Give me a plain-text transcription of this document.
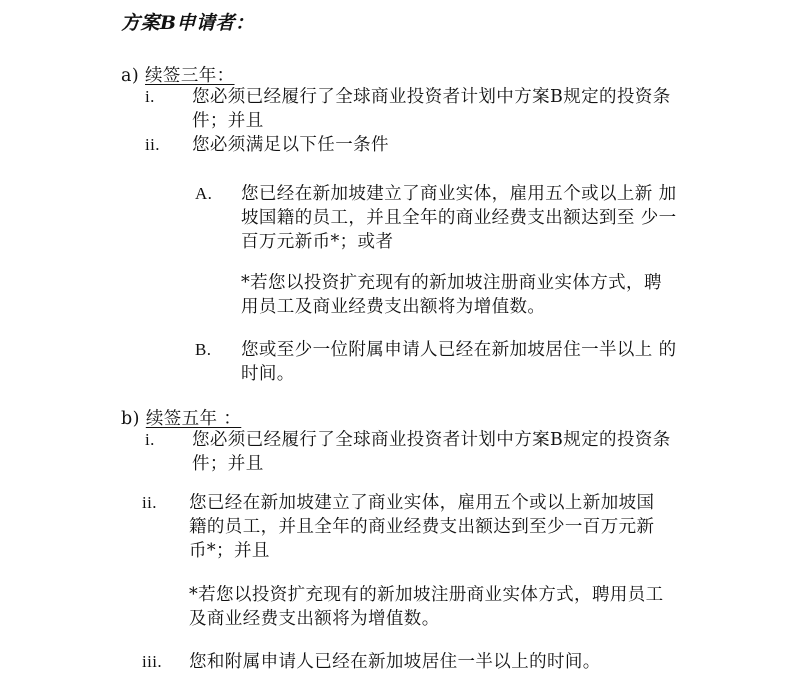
方案B申请者：
a) 续签三年：
i. 您必须已经履行了全球商业投资者计划中方案B规定的投资条
件；并且
ii. 您必须满足以下任一条件
A. 您已经在新加坡建立了商业实体，雇用五个或以上新 加
坡国籍的员工，并且全年的商业经费支出额达到至 少一
百万元新币*；或者
*若您以投资扩充现有的新加坡注册商业实体方式，聘
用员工及商业经费支出额将为增值数。
B. 您或至少一位附属申请人已经在新加坡居住一半以上 的
时间。
b) 续签五年 ：
i. 您必须已经履行了全球商业投资者计划中方案B规定的投资条
件；并且
ii. 您已经在新加坡建立了商业实体，雇用五个或以上新加坡国
籍的员工，并且全年的商业经费支出额达到至少一百万元新
币*；并且
*若您以投资扩充现有的新加坡注册商业实体方式，聘用员工
及商业经费支出额将为增值数。
iii. 您和附属申请人已经在新加坡居住一半以上的时间。
